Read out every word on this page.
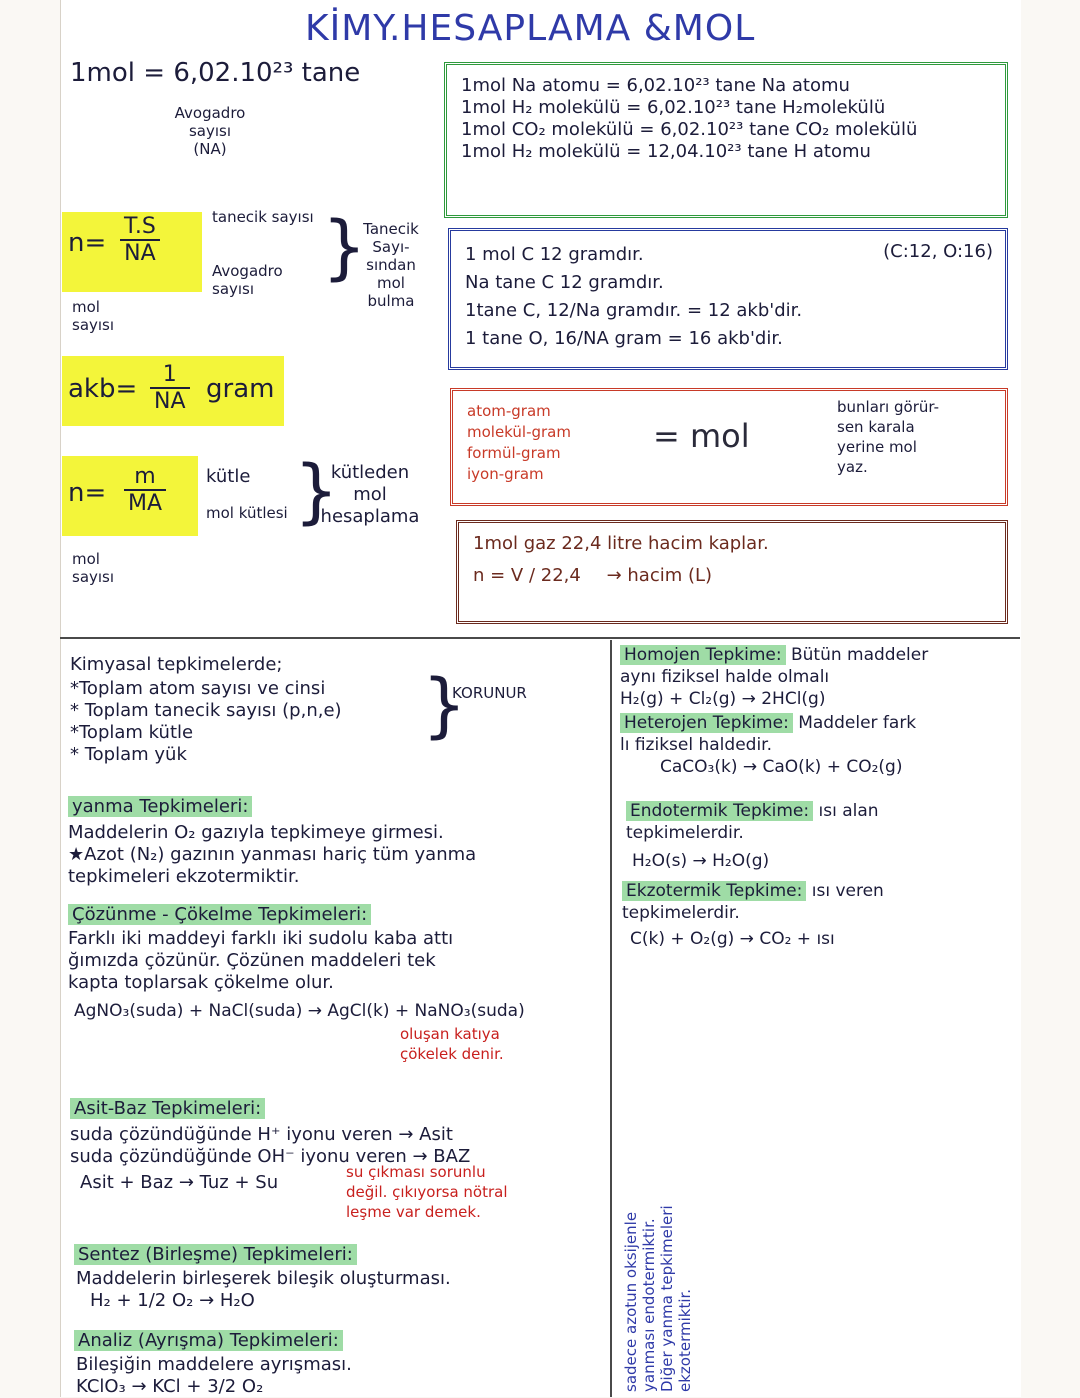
KİMY.HESAPLAMA &MOL
1mol = 6,02.10²³ tane
Avogadro
sayısı
(NA)
$n= \frac{T.S}{NA}$	tanecik sayısı
Avogadro sayısı
}
Tanecik
Sayı-
sından
mol
bulma
mol
sayısı
$akb= \frac{1}{NA}$ gram
$n= \frac{m}{MA}$ kütle
mol kütlesi }
kütleden
mol
hesaplama
mol
sayısı
1mol Na atomu = 6,02.10²³ tane Na atomu
1mol H₂ molekülü = 6,02.10²³ tane H₂molekülü
1mol CO₂ molekülü = 6,02.10²³ tane CO₂ molekülü
1mol H₂ molekülü = 12,04.10²³ tane H atomu
1 mol C 12 gramdır.
Na tane C 12 gramdır.
1tane C, 12/Na gramdır. = 12 akb'dir.
1 tane O, 16/NA gram = 16 akb'dir.
(C:12, O:16)
atom-gram
molekül-gram
formül-gram
iyon-gram
= mol
bunları görür-
sen karala
yerine mol
yaz.
1mol gaz 22,4 litre hacim kaplar.
n = V / 22,4 → hacim (L)
Kimyasal tepkimelerde;
*Toplam atom sayısı ve cinsi
* Toplam tanecik sayısı (p,n,e)
*Toplam kütle
* Toplam yük
}
KORUNUR
yanma Tepkimeleri:
Maddelerin O₂ gazıyla tepkimeye girmesi.
★Azot (N₂) gazının yanması hariç tüm yanma
tepkimeleri ekzotermiktir.
Çözünme - Çökelme Tepkimeleri:
Farklı iki maddeyi farklı iki sudolu kaba attı
ğımızda çözünür. Çözünen maddeleri tek
kapta toplarsak çökelme olur.
AgNO₃(suda) + NaCl(suda) → AgCl(k) + NaNO₃(suda)
oluşan katıya
çökelek denir.
Asit-Baz Tepkimeleri:
suda çözündüğünde H⁺ iyonu veren → Asit
suda çözündüğünde OH⁻ iyonu veren → BAZ
Asit + Baz → Tuz + Su	su çıkması sorunlu
değil. çıkıyorsa nötral
leşme var demek.
Sentez (Birleşme) Tepkimeleri:
Maddelerin birleşerek bileşik oluşturması.
H₂ + 1/2 O₂ → H₂O
Analiz (Ayrışma) Tepkimeleri:
Bileşiğin maddelere ayrışması.
KClO₃ → KCl + 3/2 O₂
Homojen Tepkime: Bütün maddeler
aynı fiziksel halde olmalı
H₂(g) + Cl₂(g) → 2HCl(g)
Heterojen Tepkime: Maddeler fark
lı fiziksel haldedir.
CaCO₃(k) → CaO(k) + CO₂(g)
Endotermik Tepkime: ısı alan
tepkimelerdir.
H₂O(s) → H₂O(g)
Ekzotermik Tepkime: ısı veren
tepkimelerdir.
C(k) + O₂(g) → CO₂ + ısı
sadece azotun oksijenle yanması endotermiktir. Diğer yanma tepkimeleri ekzotermiktir.
